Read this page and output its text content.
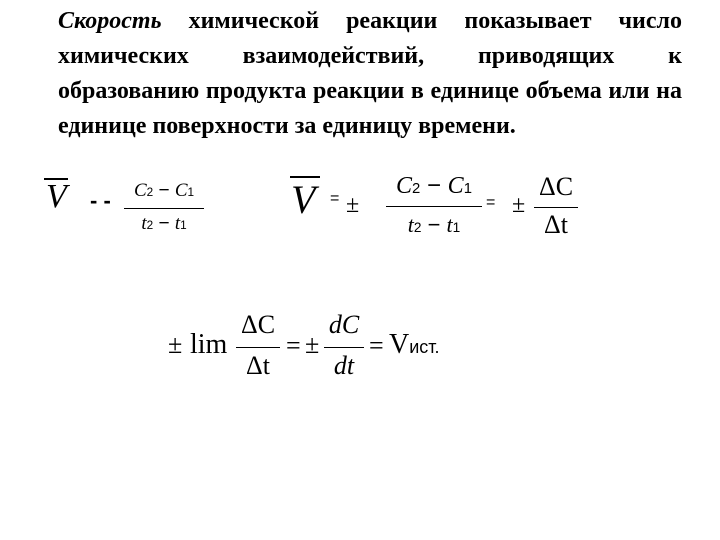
Скорость химической реакции показывает число химических взаимодействий, приводящих к образованию продукта реакции в единице объема или на единице поверхности за единицу времени.
V - -	C2 − C1
t2 − t1
V = ±
C2 − C1
t2 − t1
= ±
ΔC
Δt
± lim
ΔC
Δt
= ±
dC
dt
= Vист.
